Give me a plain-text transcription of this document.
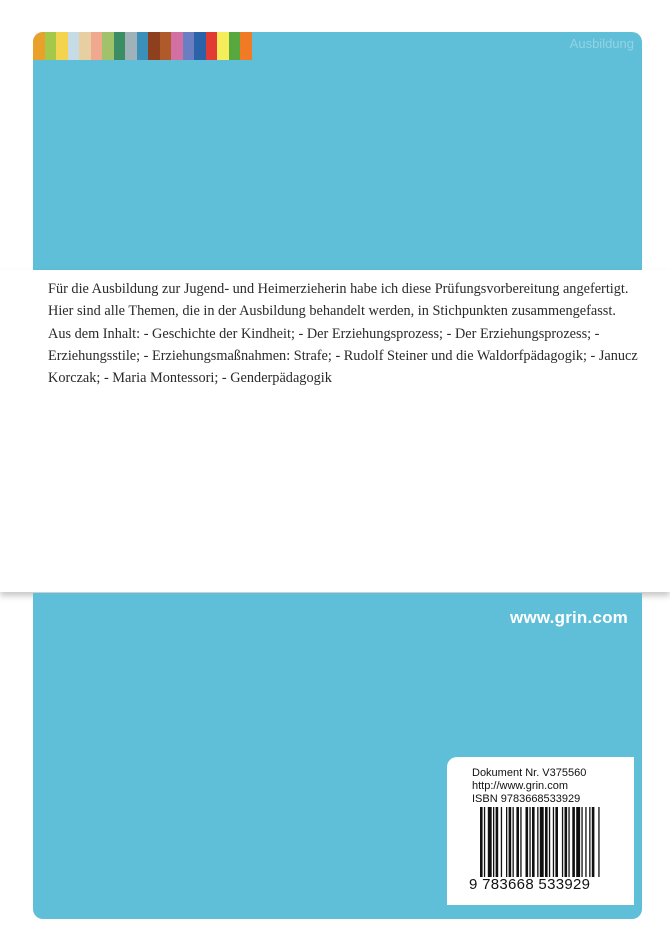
Ausbildung

Für die Ausbildung zur Jugend- und Heimerzieherin habe ich diese Prüfungsvorbereitung angefertigt. Hier sind alle Themen, die in der Ausbildung behandelt werden, in Stichpunkten zusammengefasst. Aus dem Inhalt: - Geschichte der Kindheit; - Der Erziehungsprozess; - Der Erziehungsprozess; - Erziehungsstile; - Erziehungsmaßnahmen: Strafe; - Rudolf Steiner und die Waldorfpädagogik; - Janucz Korczak; - Maria Montessori; - Genderpädagogik

www.grin.com
Dokument Nr. V375560
http://www.grin.com
ISBN 9783668533929
9 783668 533929
